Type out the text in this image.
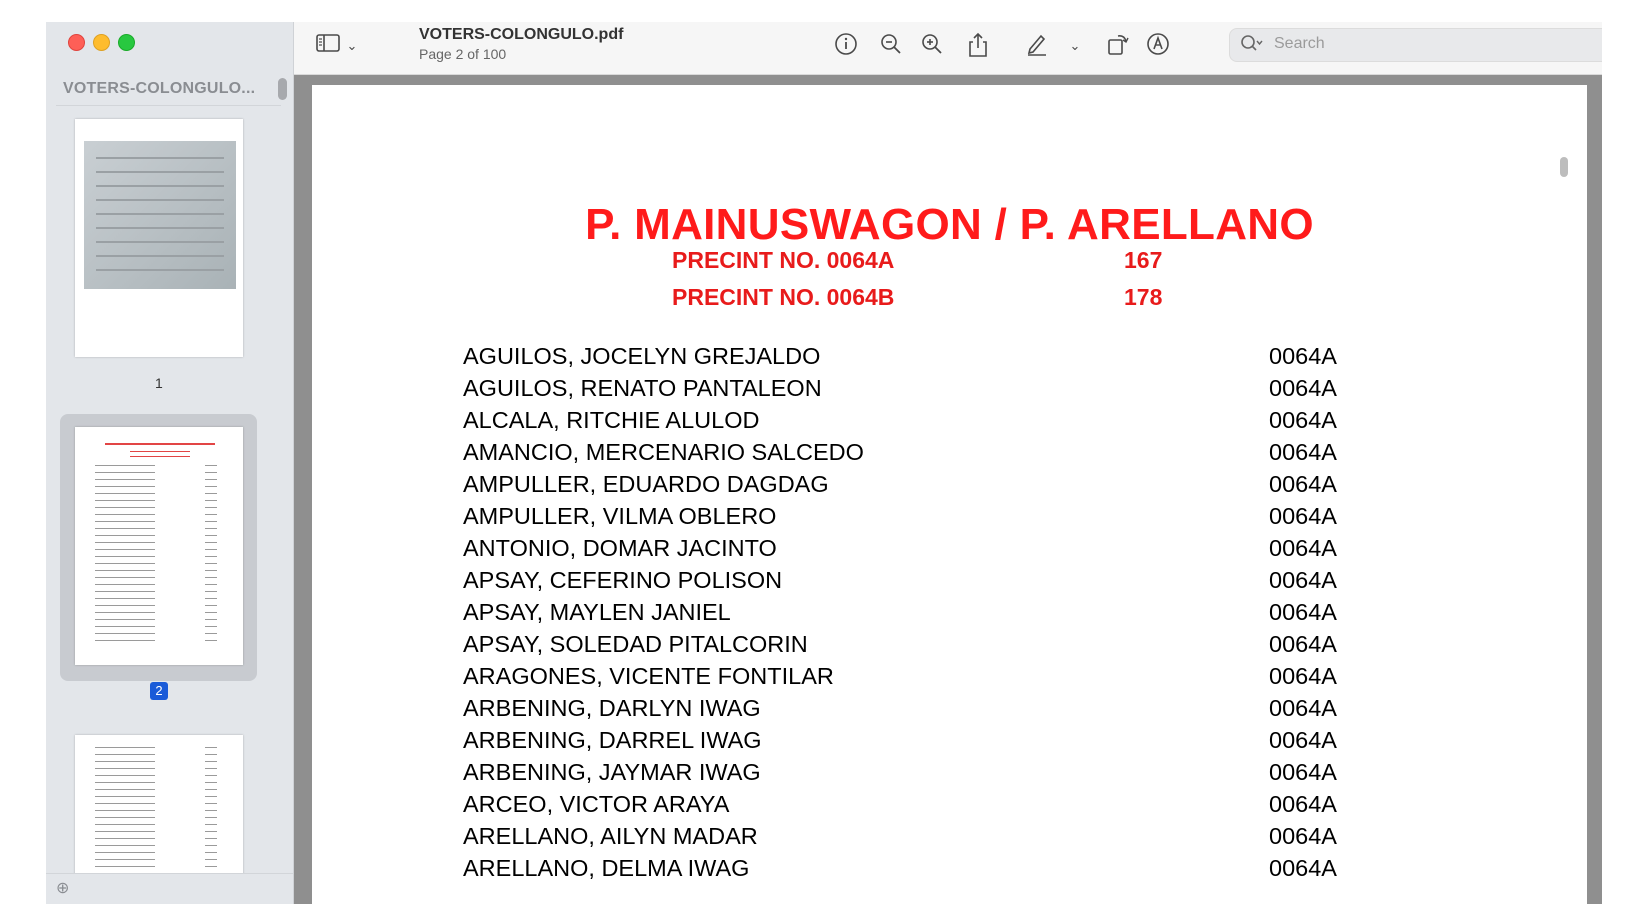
VOTERS-COLONGULO...
1
2
⊕
⌄
VOTERS-COLONGULO.pdf
Page 2 of 100
⌄
Search
P. MAINUSWAGON / P. ARELLANO
PRECINT NO. 0064A	167
PRECINT NO. 0064B	178
AGUILOS, JOCELYN GREJALDO	0064A
AGUILOS, RENATO PANTALEON	0064A
ALCALA, RITCHIE ALULOD	0064A
AMANCIO, MERCENARIO SALCEDO	0064A
AMPULLER, EDUARDO DAGDAG	0064A
AMPULLER, VILMA OBLERO	0064A
ANTONIO, DOMAR JACINTO	0064A
APSAY, CEFERINO POLISON	0064A
APSAY, MAYLEN JANIEL	0064A
APSAY, SOLEDAD PITALCORIN	0064A
ARAGONES, VICENTE FONTILAR	0064A
ARBENING, DARLYN IWAG	0064A
ARBENING, DARREL IWAG	0064A
ARBENING, JAYMAR IWAG	0064A
ARCEO, VICTOR ARAYA	0064A
ARELLANO, AILYN MADAR	0064A
ARELLANO, DELMA IWAG	0064A
